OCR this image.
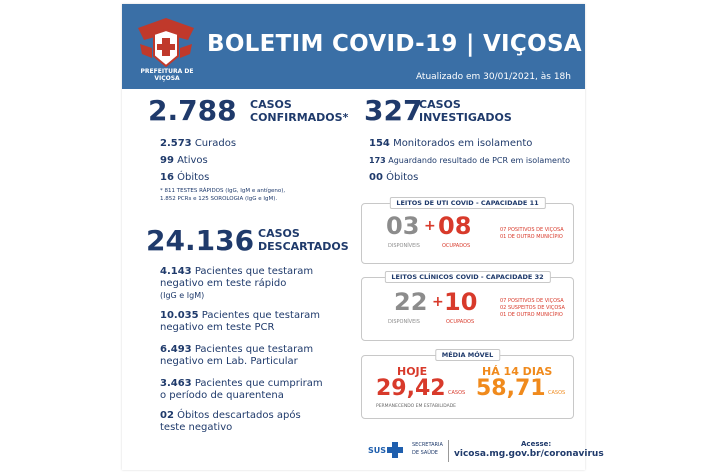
PREFEITURA DE VIÇOSA
BOLETIM COVID-19 | VIÇOSA (MG)
Atualizado em 30/01/2021, às 18h
2.788 CASOS
CONFIRMADOS*
2.573 Curados
99 Ativos
16 Óbitos
* 811 TESTES RÁPIDOS (IgG, IgM e antígeno),
1.852 PCRs e 125 SOROLOGIA (IgG e IgM).
327
CASOS
INVESTIGADOS
154 Monitorados em isolamento
173 Aguardando resultado de PCR em isolamento
00 Óbitos
24.136 CASOS
DESCARTADOS
4.143 Pacientes que testaram
negativo em teste rápido
(IgG e IgM)
10.035 Pacientes que testaram
negativo em teste PCR
6.493 Pacientes que testaram
negativo em Lab. Particular
3.463 Pacientes que cumpriram
o período de quarentena
02 Óbitos descartados após
teste negativo
LEITOS DE UTI COVID - CAPACIDADE 11
03
DISPONÍVEIS
+ 08
OCUPADOS
07 POSITIVOS DE VIÇOSA
01 DE OUTRO MUNICÍPIO
LEITOS CLÍNICOS COVID - CAPACIDADE 32
22
DISPONÍVEIS
+ 10
OCUPADOS
07 POSITIVOS DE VIÇOSA
02 SUSPEITOS DE VIÇOSA
01 DE OUTRO MUNICÍPIO
MÉDIA MÓVEL
HOJE
29,42 CASOS
PERMANECENDO EM ESTABILIDADE
HÁ 14 DIAS
58,71 CASOS
SUS
SECRETARIA
DE SAÚDE
Acesse:
vicosa.mg.gov.br/coronavirus
